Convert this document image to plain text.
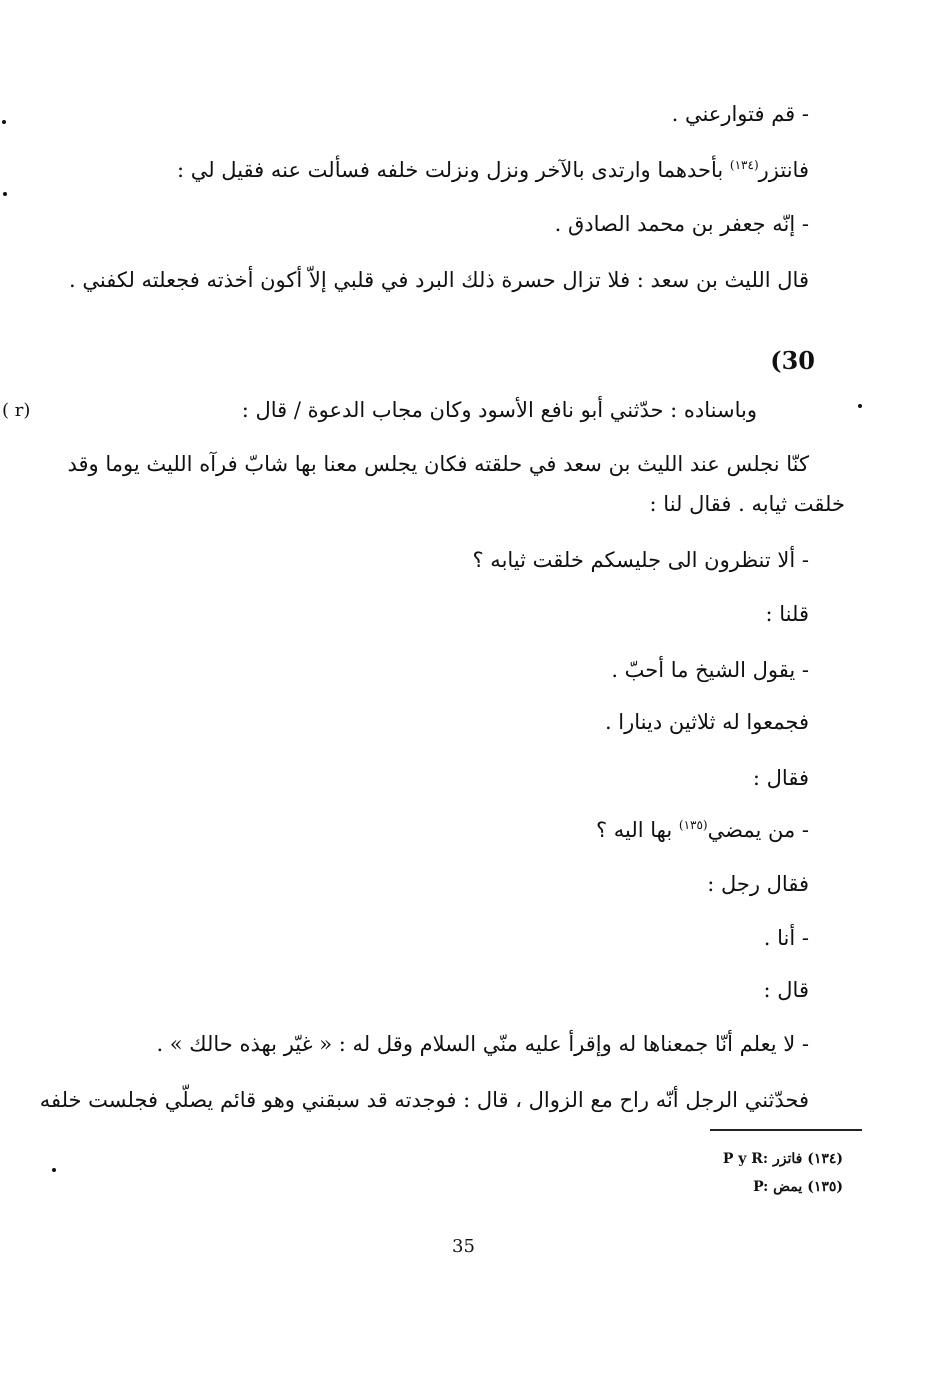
- قم فتوارعني .
فانتزر$^{(١٣٤)}$ بأحدهما وارتدى بالآخر ونزل ونزلت خلفه فسألت عنه فقيل لي :
- إنّه جعفر بن محمد الصادق .
قال الليث بن سعد : فلا تزال حسرة ذلك البرد في قلبي إلاّ أكون أخذته فجعلته لكفني .
(30
( r)	وباسناده : حدّثني أبو نافع الأسود وكان مجاب الدعوة / قال :
كنّا نجلس عند الليث بن سعد في حلقته فكان يجلس معنا بها شابّ فرآه الليث يوما وقد
خلقت ثيابه . فقال لنا :
- ألا تنظرون الى جليسكم خلقت ثيابه ؟
قلنا :
- يقول الشيخ ما أحبّ .
فجمعوا له ثلاثين دينارا .
فقال :
- من يمضي$^{(١٣٥)}$ بها اليه ؟
فقال رجل :
- أنا .
قال :
- لا يعلم أنّا جمعناها له وإقرأ عليه منّي السلام وقل له : « غيّر بهذه حالك » .
فحدّثني الرجل أنّه راح مع الزوال ، قال : فوجدته قد سبقني وهو قائم يصلّي فجلست خلفه
(١٣٤) فاتزر P y R:
(١٣٥) يمض P:
35
